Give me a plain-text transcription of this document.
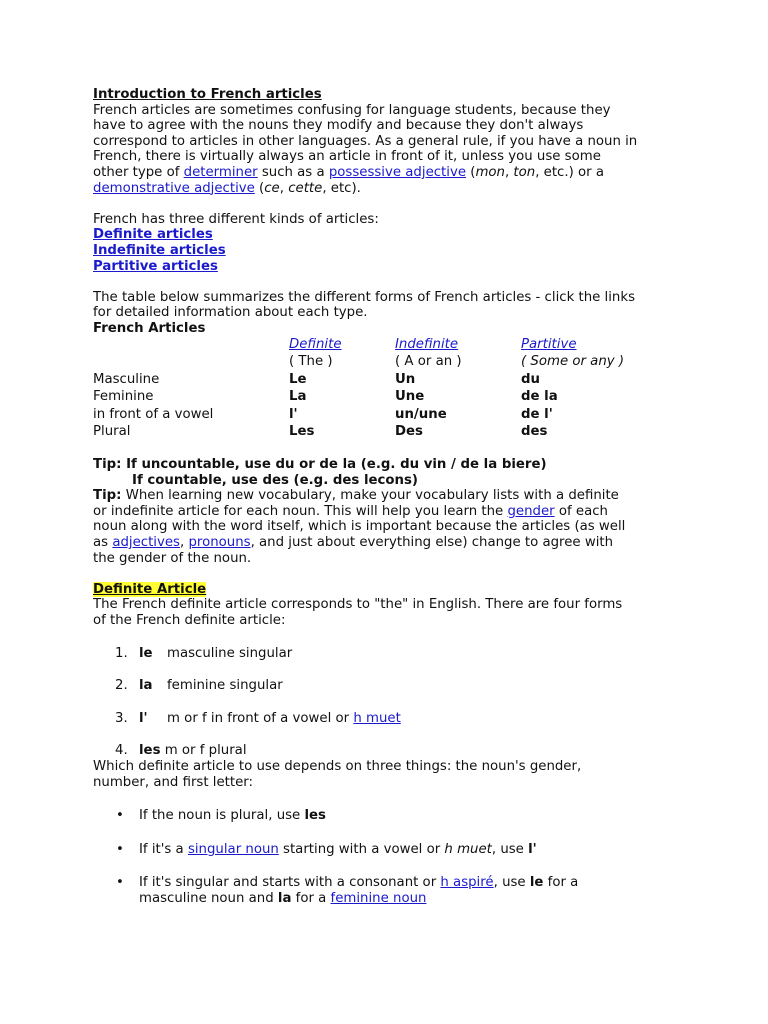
Introduction to French articles
French articles are sometimes confusing for language students, because they
have to agree with the nouns they modify and because they don't always
correspond to articles in other languages. As a general rule, if you have a noun in
French, there is virtually always an article in front of it, unless you use some
other type of determiner such as a possessive adjective (mon, ton, etc.) or a
demonstrative adjective (ce, cette, etc).
French has three different kinds of articles:
Definite articles
Indefinite articles
Partitive articles
The table below summarizes the different forms of French articles - click the links
for detailed information about each type.
French Articles
	Definite	Indefinite	Partitive
	( The )	( A or an )	( Some or any )
Masculine	Le	Un	du
Feminine	La	Une	de la
in front of a vowel	l'	un/une	de l'
Plural	Les	Des	des
Tip: If uncountable, use du or de la (e.g. du vin / de la biere)
If countable, use des (e.g. des lecons)
Tip: When learning new vocabulary, make your vocabulary lists with a definite
or indefinite article for each noun. This will help you learn the gender of each
noun along with the word itself, which is important because the articles (as well
as adjectives, pronouns, and just about everything else) change to agree with
the gender of the noun.
Definite Article
The French definite article corresponds to "the" in English. There are four forms
of the French definite article:
1. le masculine singular
2. la feminine singular
3. l' m or f in front of a vowel or h muet
4. les m or f plural
Which definite article to use depends on three things: the noun's gender,
number, and first letter:
• If the noun is plural, use les
• If it's a singular noun starting with a vowel or h muet, use l'
• If it's singular and starts with a consonant or h aspiré, use le for a
masculine noun and la for a feminine noun
